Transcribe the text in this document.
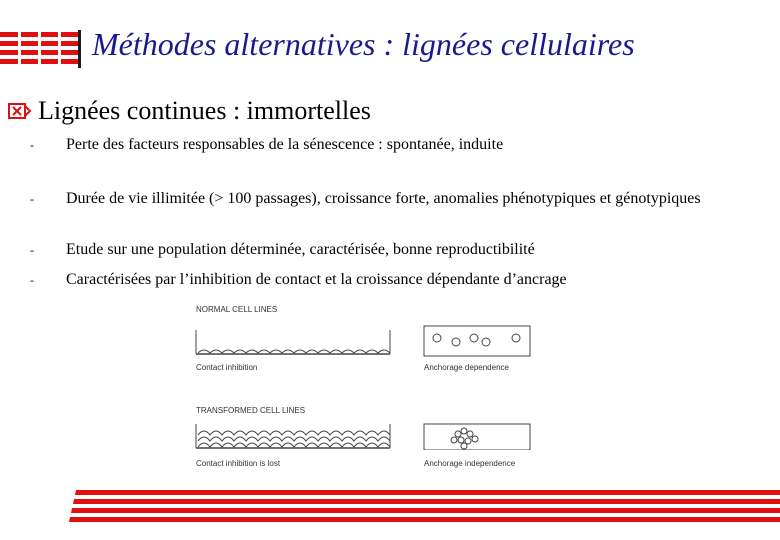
Méthodes alternatives : lignées cellulaires
Lignées continues : immortelles
-	Perte des facteurs responsables de la sénescence : spontanée, induite
-	Durée de vie illimitée (> 100 passages), croissance forte, anomalies phénotypiques et génotypiques
-	Etude sur une population déterminée, caractérisée, bonne reproductibilité
-	Caractérisées par l’inhibition de contact et la croissance dépendante d’ancrage
NORMAL CELL LINES
Contact inhibition	Anchorage dependence
TRANSFORMED CELL LINES
Contact inhibition is lost	Anchorage independence
